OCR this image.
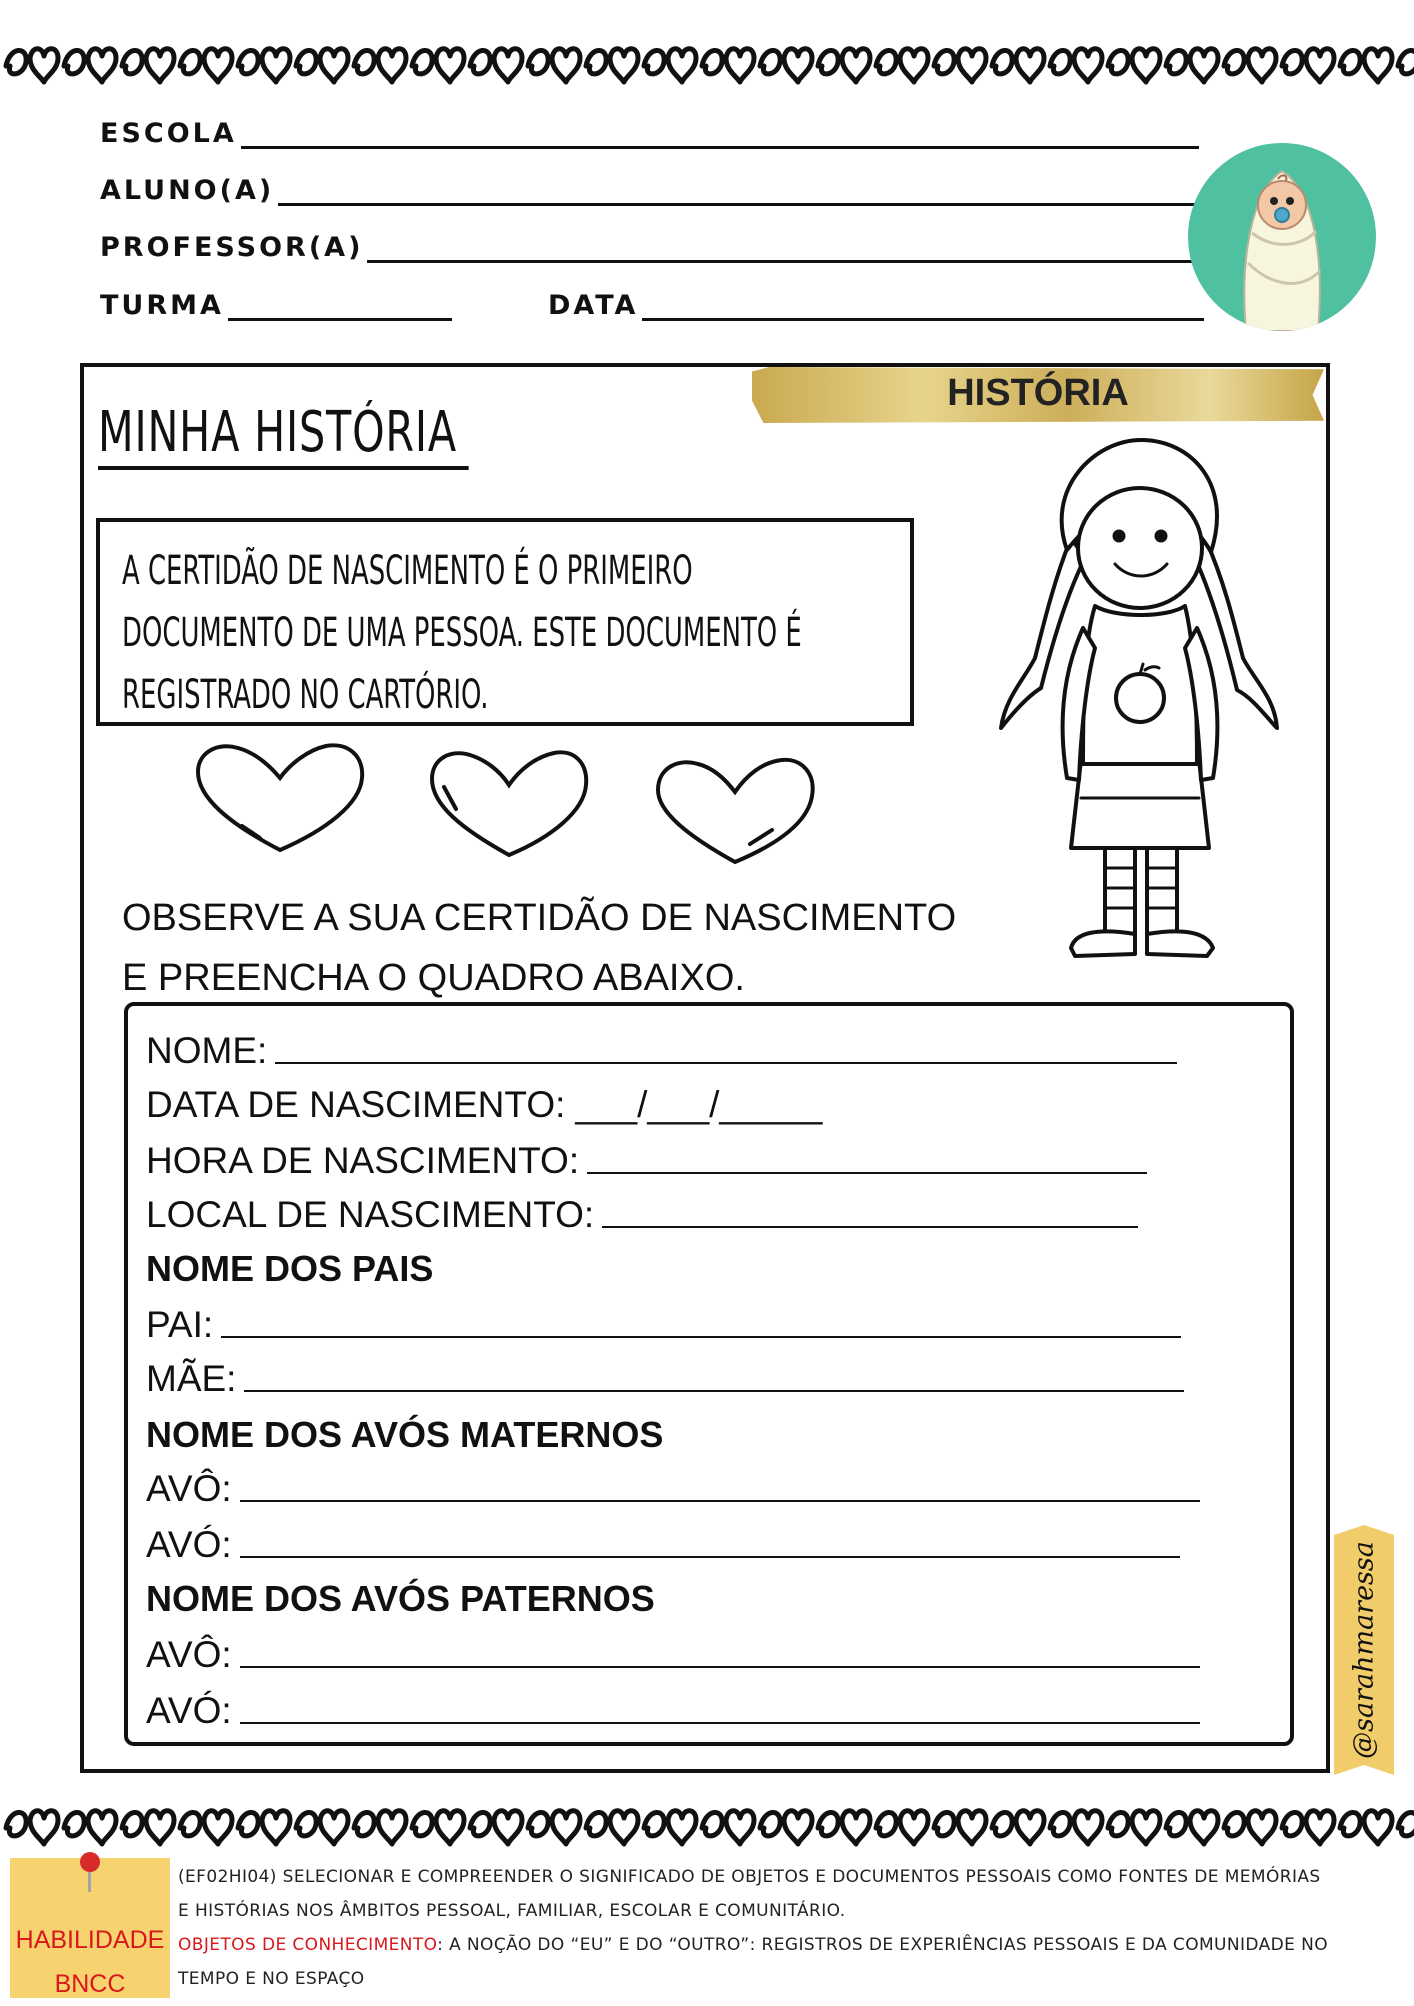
ESCOLA
ALUNO(A)
PROFESSOR(A)
TURMA	DATA
HISTÓRIA
MINHA HISTÓRIA
A CERTIDÃO DE NASCIMENTO É O PRIMEIRO DOCUMENTO DE UMA PESSOA. ESTE DOCUMENTO É REGISTRADO NO CARTÓRIO.
OBSERVE A SUA CERTIDÃO DE NASCIMENTO
E PREENCHA O QUADRO ABAIXO.
NOME:
DATA DE NASCIMENTO: ___/___/_____
HORA DE NASCIMENTO:
LOCAL DE NASCIMENTO:
NOME DOS PAIS
PAI:
MÃE:
NOME DOS AVÓS MATERNOS
AVÔ:
AVÓ:
NOME DOS AVÓS PATERNOS
AVÔ:
AVÓ:	@sarahmaressa
HABILIDADE
BNCC
(EF02HI04) SELECIONAR E COMPREENDER O SIGNIFICADO DE OBJETOS E DOCUMENTOS PESSOAIS COMO FONTES DE MEMÓRIAS
E HISTÓRIAS NOS ÂMBITOS PESSOAL, FAMILIAR, ESCOLAR E COMUNITÁRIO.
OBJETOS DE CONHECIMENTO: A NOÇÃO DO “EU” E DO “OUTRO”: REGISTROS DE EXPERIÊNCIAS PESSOAIS E DA COMUNIDADE NO
TEMPO E NO ESPAÇO
